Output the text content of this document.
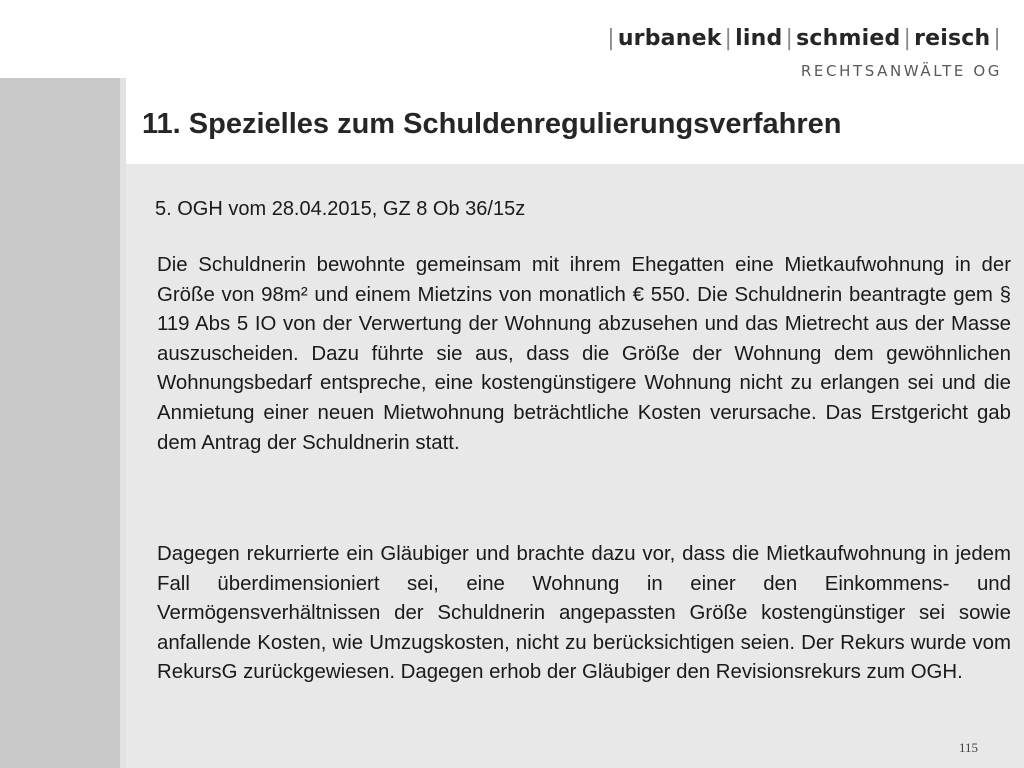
| urbanek | lind | schmied | reisch |
RECHTSANWÄLTE OG
11. Spezielles zum Schuldenregulierungsverfahren
5. OGH vom 28.04.2015, GZ 8 Ob 36/15z

Die Schuldnerin bewohnte gemeinsam mit ihrem Ehegatten eine Mietkaufwohnung in der Größe von 98m² und einem Mietzins von monatlich € 550. Die Schuldnerin beantragte gem § 119 Abs 5 IO von der Verwertung der Wohnung abzusehen und das Mietrecht aus der Masse auszuscheiden. Dazu führte sie aus, dass die Größe der Wohnung dem gewöhnlichen Wohnungsbedarf entspreche, eine kostengünstigere Wohnung nicht zu erlangen sei und die Anmietung einer neuen Mietwohnung beträchtliche Kosten verursache. Das Erstgericht gab dem Antrag der Schuldnerin statt.

Dagegen rekurrierte ein Gläubiger und brachte dazu vor, dass die Mietkaufwohnung in jedem Fall überdimensioniert sei, eine Wohnung in einer den Einkommens- und Vermögensverhältnissen der Schuldnerin angepassten Größe kostengünstiger sei sowie anfallende Kosten, wie Umzugskosten, nicht zu berücksichtigen seien. Der Rekurs wurde vom RekursG zurückgewiesen. Dagegen erhob der Gläubiger den Revisionsrekurs zum OGH.

115
